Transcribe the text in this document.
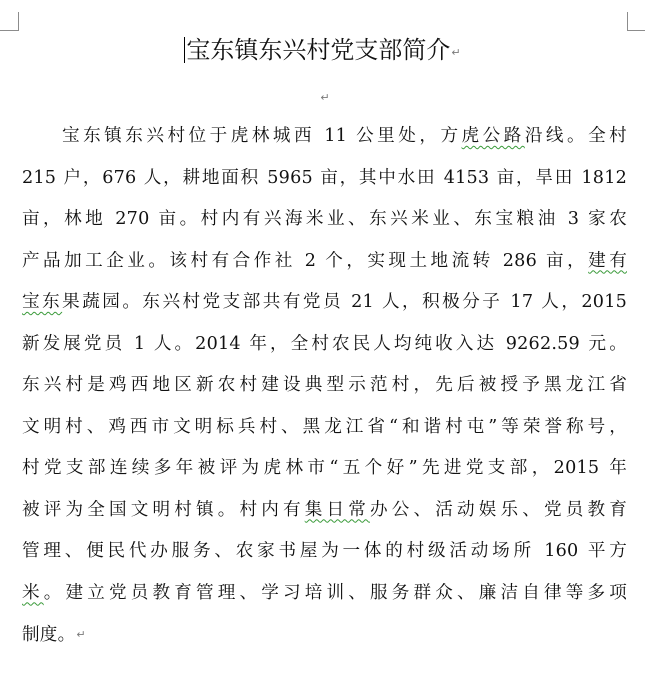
宝东镇东兴村党支部简介↵
↵
宝东镇东兴村位于虎林城西 11 公里处，方虎公路沿线。全村
215 户，676 人，耕地面积 5965 亩，其中水田 4153 亩，旱田 1812
亩，林地 270 亩。村内有兴海米业、东兴米业、东宝粮油 3 家农
产品加工企业。该村有合作社 2 个，实现土地流转 286 亩，建有
宝东果蔬园。东兴村党支部共有党员 21 人，积极分子 17 人，2015
新发展党员 1 人。2014 年，全村农民人均纯收入达 9262.59 元。
东兴村是鸡西地区新农村建设典型示范村，先后被授予黑龙江省
文明村、鸡西市文明标兵村、黑龙江省“和谐村屯”等荣誉称号，
村党支部连续多年被评为虎林市“五个好”先进党支部，2015 年
被评为全国文明村镇。村内有集日常办公、活动娱乐、党员教育
管理、便民代办服务、农家书屋为一体的村级活动场所 160 平方
米。建立党员教育管理、学习培训、服务群众、廉洁自律等多项
制度。↵
